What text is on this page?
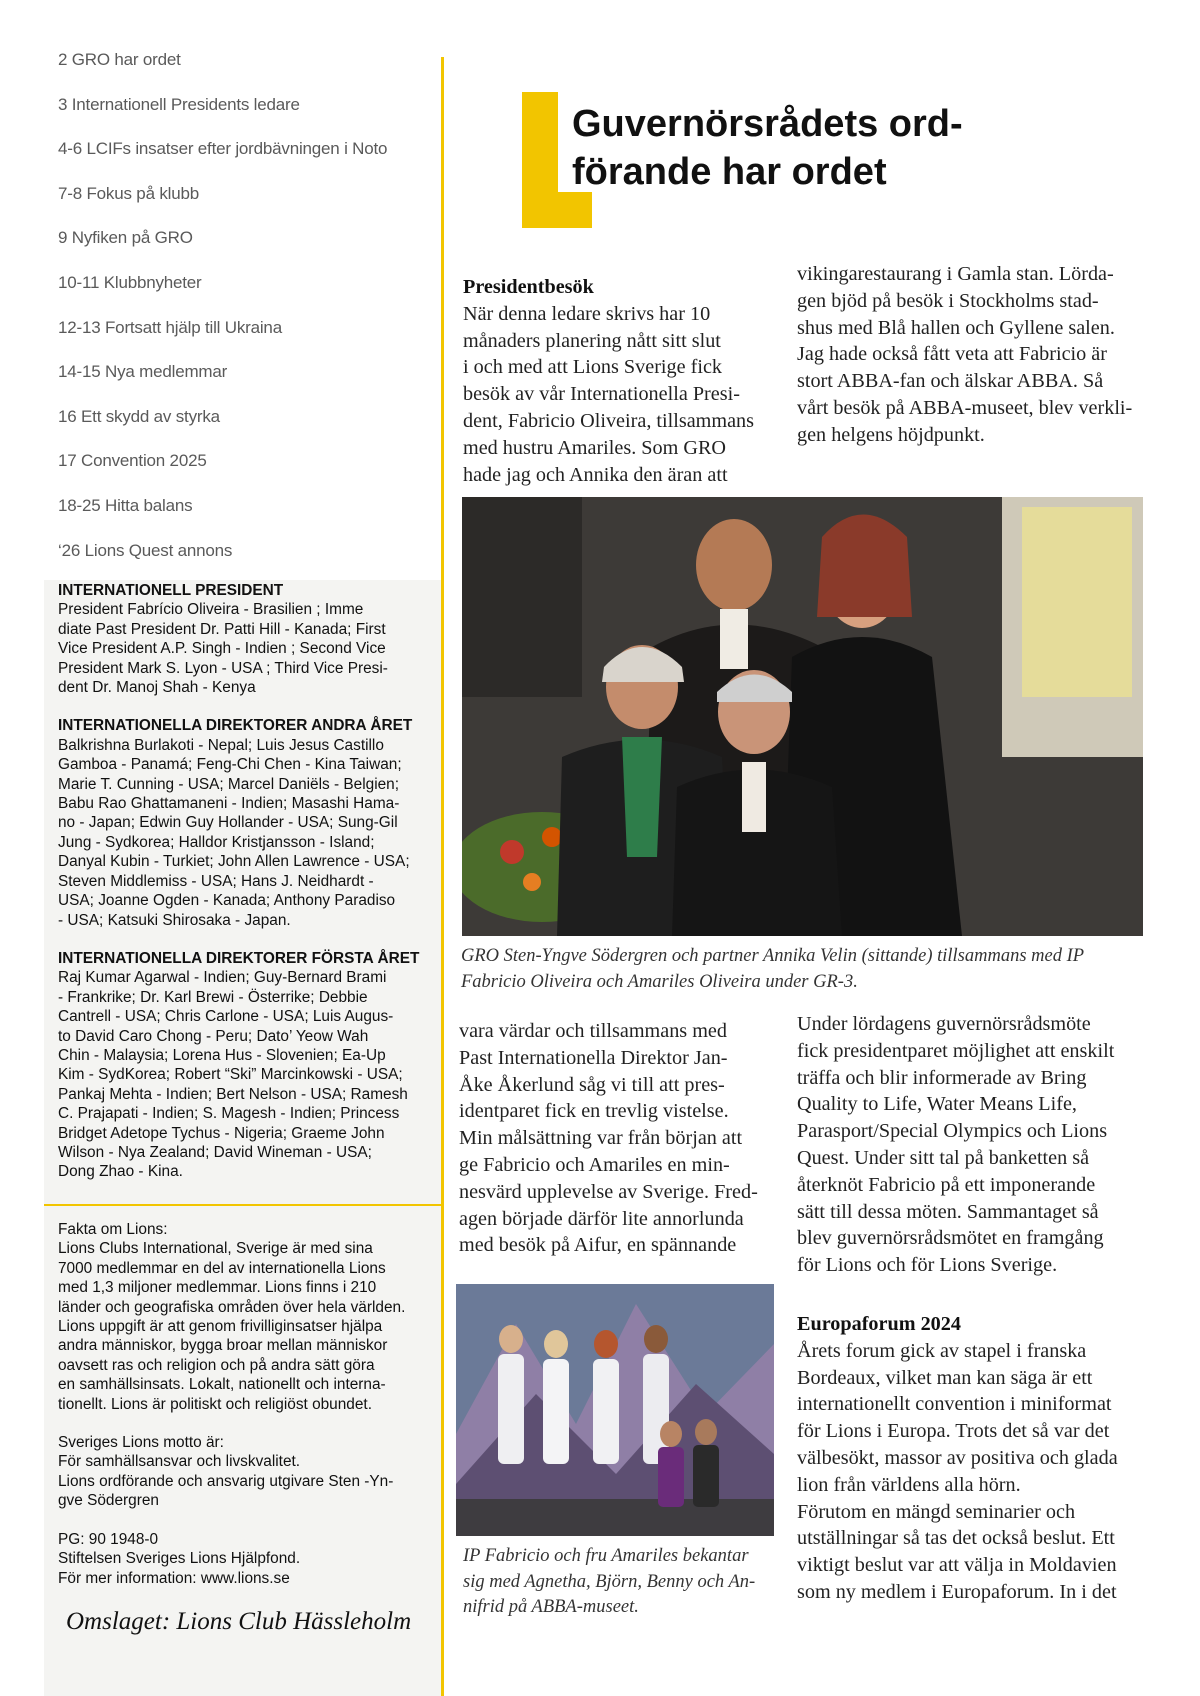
2 GRO har ordet
3 Internationell Presidents ledare
4-6 LCIFs insatser efter jordbävningen i Noto
7-8 Fokus på klubb
9 Nyfiken på GRO
10-11 Klubbnyheter
12-13 Fortsatt hjälp till Ukraina
14-15 Nya medlemmar
16 Ett skydd av styrka
17 Convention 2025
18-25 Hitta balans
‘26 Lions Quest annons

INTERNATIONELL PRESIDENT

President Fabrício Oliveira - Brasilien ; Imme

diate Past President Dr. Patti Hill - Kanada; First

Vice President A.P. Singh - Indien ; Second Vice

President Mark S. Lyon - USA ; Third Vice Presi-

dent Dr. Manoj Shah - Kenya

INTERNATIONELLA DIREKTORER ANDRA ÅRET

Balkrishna Burlakoti - Nepal; Luis Jesus Castillo

Gamboa - Panamá; Feng-Chi Chen - Kina Taiwan;

Marie T. Cunning - USA; Marcel Daniëls - Belgien;

Babu Rao Ghattamaneni - Indien; Masashi Hama-

no - Japan; Edwin Guy Hollander - USA; Sung-Gil

Jung - Sydkorea; Halldor Kristjansson - Island;

Danyal Kubin - Turkiet; John Allen Lawrence - USA;

Steven Middlemiss - USA; Hans J. Neidhardt -

USA; Joanne Ogden - Kanada; Anthony Paradiso

- USA; Katsuki Shirosaka - Japan.

INTERNATIONELLA DIREKTORER FÖRSTA ÅRET

Raj Kumar Agarwal - Indien; Guy-Bernard Brami

- Frankrike; Dr. Karl Brewi - Österrike; Debbie

Cantrell - USA; Chris Carlone - USA; Luis Augus-

to David Caro Chong - Peru; Dato’ Yeow Wah

Chin - Malaysia; Lorena Hus - Slovenien; Ea-Up

Kim - SydKorea; Robert “Ski” Marcinkowski - USA;

Pankaj Mehta - Indien; Bert Nelson - USA; Ramesh

C. Prajapati - Indien; S. Magesh - Indien; Princess

Bridget Adetope Tychus - Nigeria; Graeme John

Wilson - Nya Zealand; David Wineman - USA;

Dong Zhao - Kina.

Fakta om Lions:

Lions Clubs International, Sverige är med sina

7000 medlemmar en del av internationella Lions

med 1,3 miljoner medlemmar. Lions finns i 210

länder och geografiska områden över hela världen.

Lions uppgift är att genom frivilliginsatser hjälpa

andra människor, bygga broar mellan människor

oavsett ras och religion och på andra sätt göra

en samhällsinsats. Lokalt, nationellt och interna-

tionellt. Lions är politiskt och religiöst obundet.

Sveriges Lions motto är:

För samhällsansvar och livskvalitet.

Lions ordförande och ansvarig utgivare Sten -Yn-

gve Södergren

PG: 90 1948-0

Stiftelsen Sveriges Lions Hjälpfond.

För mer information: www.lions.se

Omslaget: Lions Club Hässleholm
Guvernörsrådets ord-
förande har ordet

Presidentbesök

När denna ledare skrivs har 10

månaders planering nått sitt slut

i och med att Lions Sverige fick

besök av vår Internationella Presi-

dent, Fabricio Oliveira, tillsammans

med hustru Amariles. Som GRO

hade jag och Annika den äran att

vikingarestaurang i Gamla stan. Lörda-

gen bjöd på besök i Stockholms stad-

shus med Blå hallen och Gyllene salen.

Jag hade också fått veta att Fabricio är

stort ABBA-fan och älskar ABBA. Så

vårt besök på ABBA-museet, blev verkli-

gen helgens höjdpunkt.

GRO Sten-Yngve Södergren och partner Annika Velin (sittande) tillsammans med IP
Fabricio Oliveira och Amariles Oliveira under GR-3.

vara värdar och tillsammans med

Past Internationella Direktor Jan-

Åke Åkerlund såg vi till att pres-

identparet fick en trevlig vistelse.

Min målsättning var från början att

ge Fabricio och Amariles en min-

nesvärd upplevelse av Sverige. Fred-

agen började därför lite annorlunda

med besök på Aifur, en spännande

Under lördagens guvernörsrådsmöte

fick presidentparet möjlighet att enskilt

träffa och blir informerade av Bring

Quality to Life, Water Means Life,

Parasport/Special Olympics och Lions

Quest. Under sitt tal på banketten så

återknöt Fabricio på ett imponerande

sätt till dessa möten. Sammantaget så

blev guvernörsrådsmötet en framgång

för Lions och för Lions Sverige.

IP Fabricio och fru Amariles bekantar
sig med Agnetha, Björn, Benny och An-
nifrid på ABBA-museet.

Europaforum 2024

Årets forum gick av stapel i franska

Bordeaux, vilket man kan säga är ett

internationellt convention i miniformat

för Lions i Europa. Trots det så var det

välbesökt, massor av positiva och glada

lion från världens alla hörn.

Förutom en mängd seminarier och

utställningar så tas det också beslut. Ett

viktigt beslut var att välja in Moldavien

som ny medlem i Europaforum. In i det
